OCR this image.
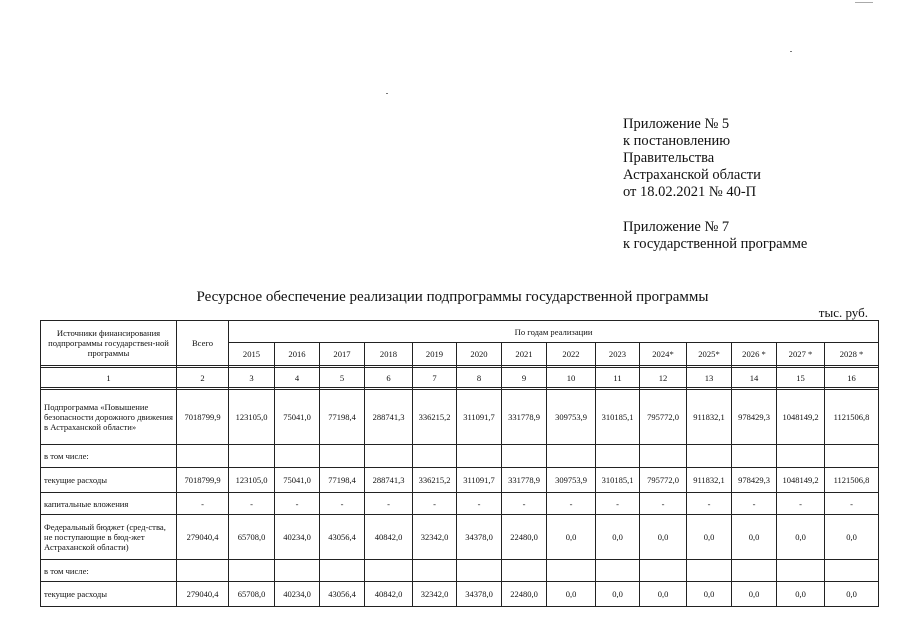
Приложение № 5
к постановлению
Правительства
Астраханской области
от 18.02.2021 № 40-П
Приложение № 7
к государственной программе
Ресурсное обеспечение реализации подпрограммы государственной программы
тыс. руб.
Источники финансирования подпрограммы государствен-ной программы	Всего	По годам реализации													
		2015	2016	2017	2018	2019	2020	2021	2022	2023	2024*	2025*	2026 *	2027 *	2028 *

1	2	3	4	5	6	7	8	9	10	11	12	13	14	15	16

Подпрограмма «Повышение безопасности дорожного движения в Астраханской области»	7018799,9	123105,0	75041,0	77198,4	288741,3	336215,2	311091,7	331778,9	309753,9	310185,1	795772,0	911832,1	978429,3	1048149,2	1121506,8
в том числе:															
текущие расходы	7018799,9	123105,0	75041,0	77198,4	288741,3	336215,2	311091,7	331778,9	309753,9	310185,1	795772,0	911832,1	978429,3	1048149,2	1121506,8
капитальные вложения	-	-	-	-	-	-	-	-	-	-	-	-	-	-	-
Федеральный бюджет (сред-ства, не поступающие в бюд-жет Астраханской области)	279040,4	65708,0	40234,0	43056,4	40842,0	32342,0	34378,0	22480,0	0,0	0,0	0,0	0,0	0,0	0,0	0,0
в том числе:															
текущие расходы	279040,4	65708,0	40234,0	43056,4	40842,0	32342,0	34378,0	22480,0	0,0	0,0	0,0	0,0	0,0	0,0	0,0
